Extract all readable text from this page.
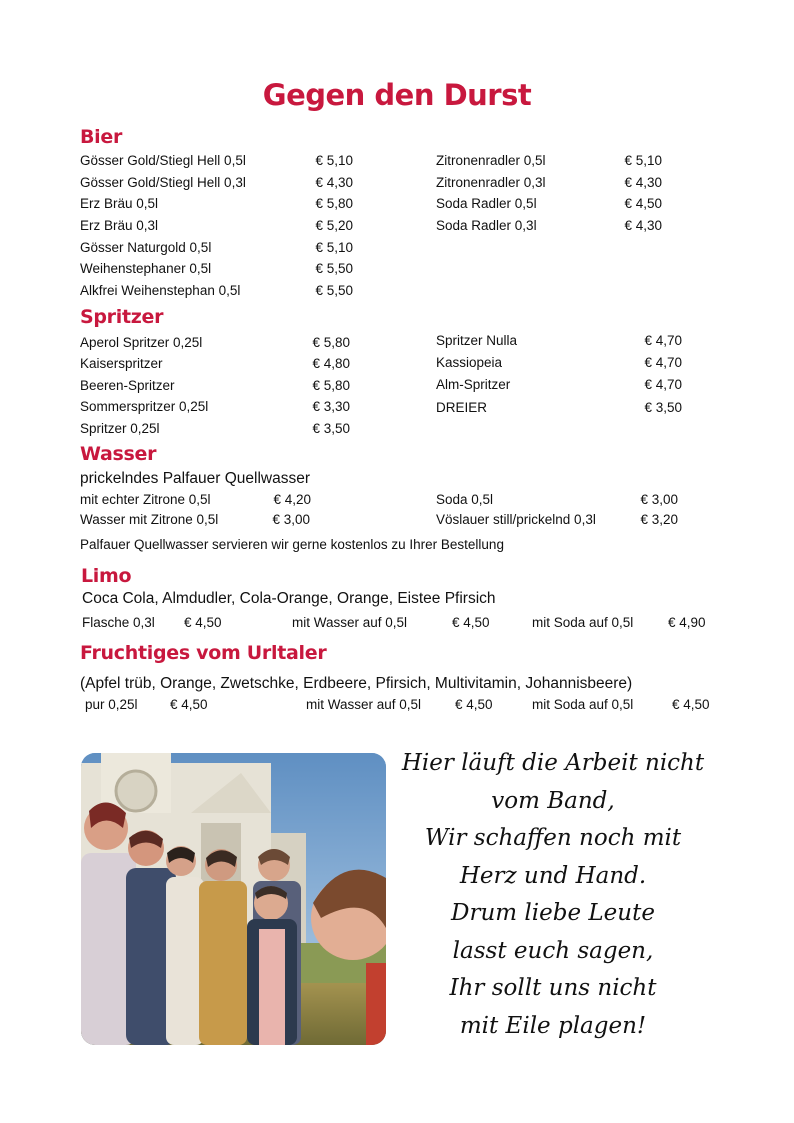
Gegen den Durst
Bier
Gösser Gold/Stiegl Hell 0,5l	€ 5,10
Gösser Gold/Stiegl Hell 0,3l	€ 4,30
Erz Bräu 0,5l	€ 5,80
Erz Bräu 0,3l	€ 5,20
Gösser Naturgold 0,5l	€ 5,10
Weihenstephaner 0,5l	€ 5,50
Alkfrei Weihenstephan 0,5l	€ 5,50
Zitronenradler 0,5l	€ 5,10
Zitronenradler 0,3l	€ 4,30
Soda Radler 0,5l	€ 4,50
Soda Radler 0,3l	€ 4,30
Spritzer
Aperol Spritzer 0,25l	€ 5,80
Kaiserspritzer	€ 4,80
Beeren-Spritzer	€ 5,80
Sommerspritzer 0,25l	€ 3,30
Spritzer 0,25l	€ 3,50
Spritzer Nulla	€ 4,70
Kassiopeia	€ 4,70
Alm-Spritzer	€ 4,70
DREIER	€ 3,50
Wasser
prickelndes Palfauer Quellwasser
mit echter Zitrone 0,5l	€ 4,20
Wasser mit Zitrone 0,5l	€ 3,00
Soda 0,5l	€ 3,00
Vöslauer still/prickelnd 0,3l	€ 3,20
Palfauer Quellwasser servieren wir gerne kostenlos zu Ihrer Bestellung
Limo
Coca Cola, Almdudler, Cola-Orange, Orange, Eistee Pfirsich
Flasche 0,3l € 4,50	mit Wasser auf 0,5l	€ 4,50	mit Soda auf 0,5l	€ 4,90
Fruchtiges vom Urltaler
(Apfel trüb, Orange, Zwetschke, Erdbeere, Pfirsich, Multivitamin, Johannisbeere)
pur 0,25l € 4,50	mit Wasser auf 0,5l	€ 4,50	mit Soda auf 0,5l	€ 4,50
Hier läuft die Arbeit nicht
vom Band,
Wir schaffen noch mit
Herz und Hand.
Drum liebe Leute
lasst euch sagen,
Ihr sollt uns nicht
mit Eile plagen!
